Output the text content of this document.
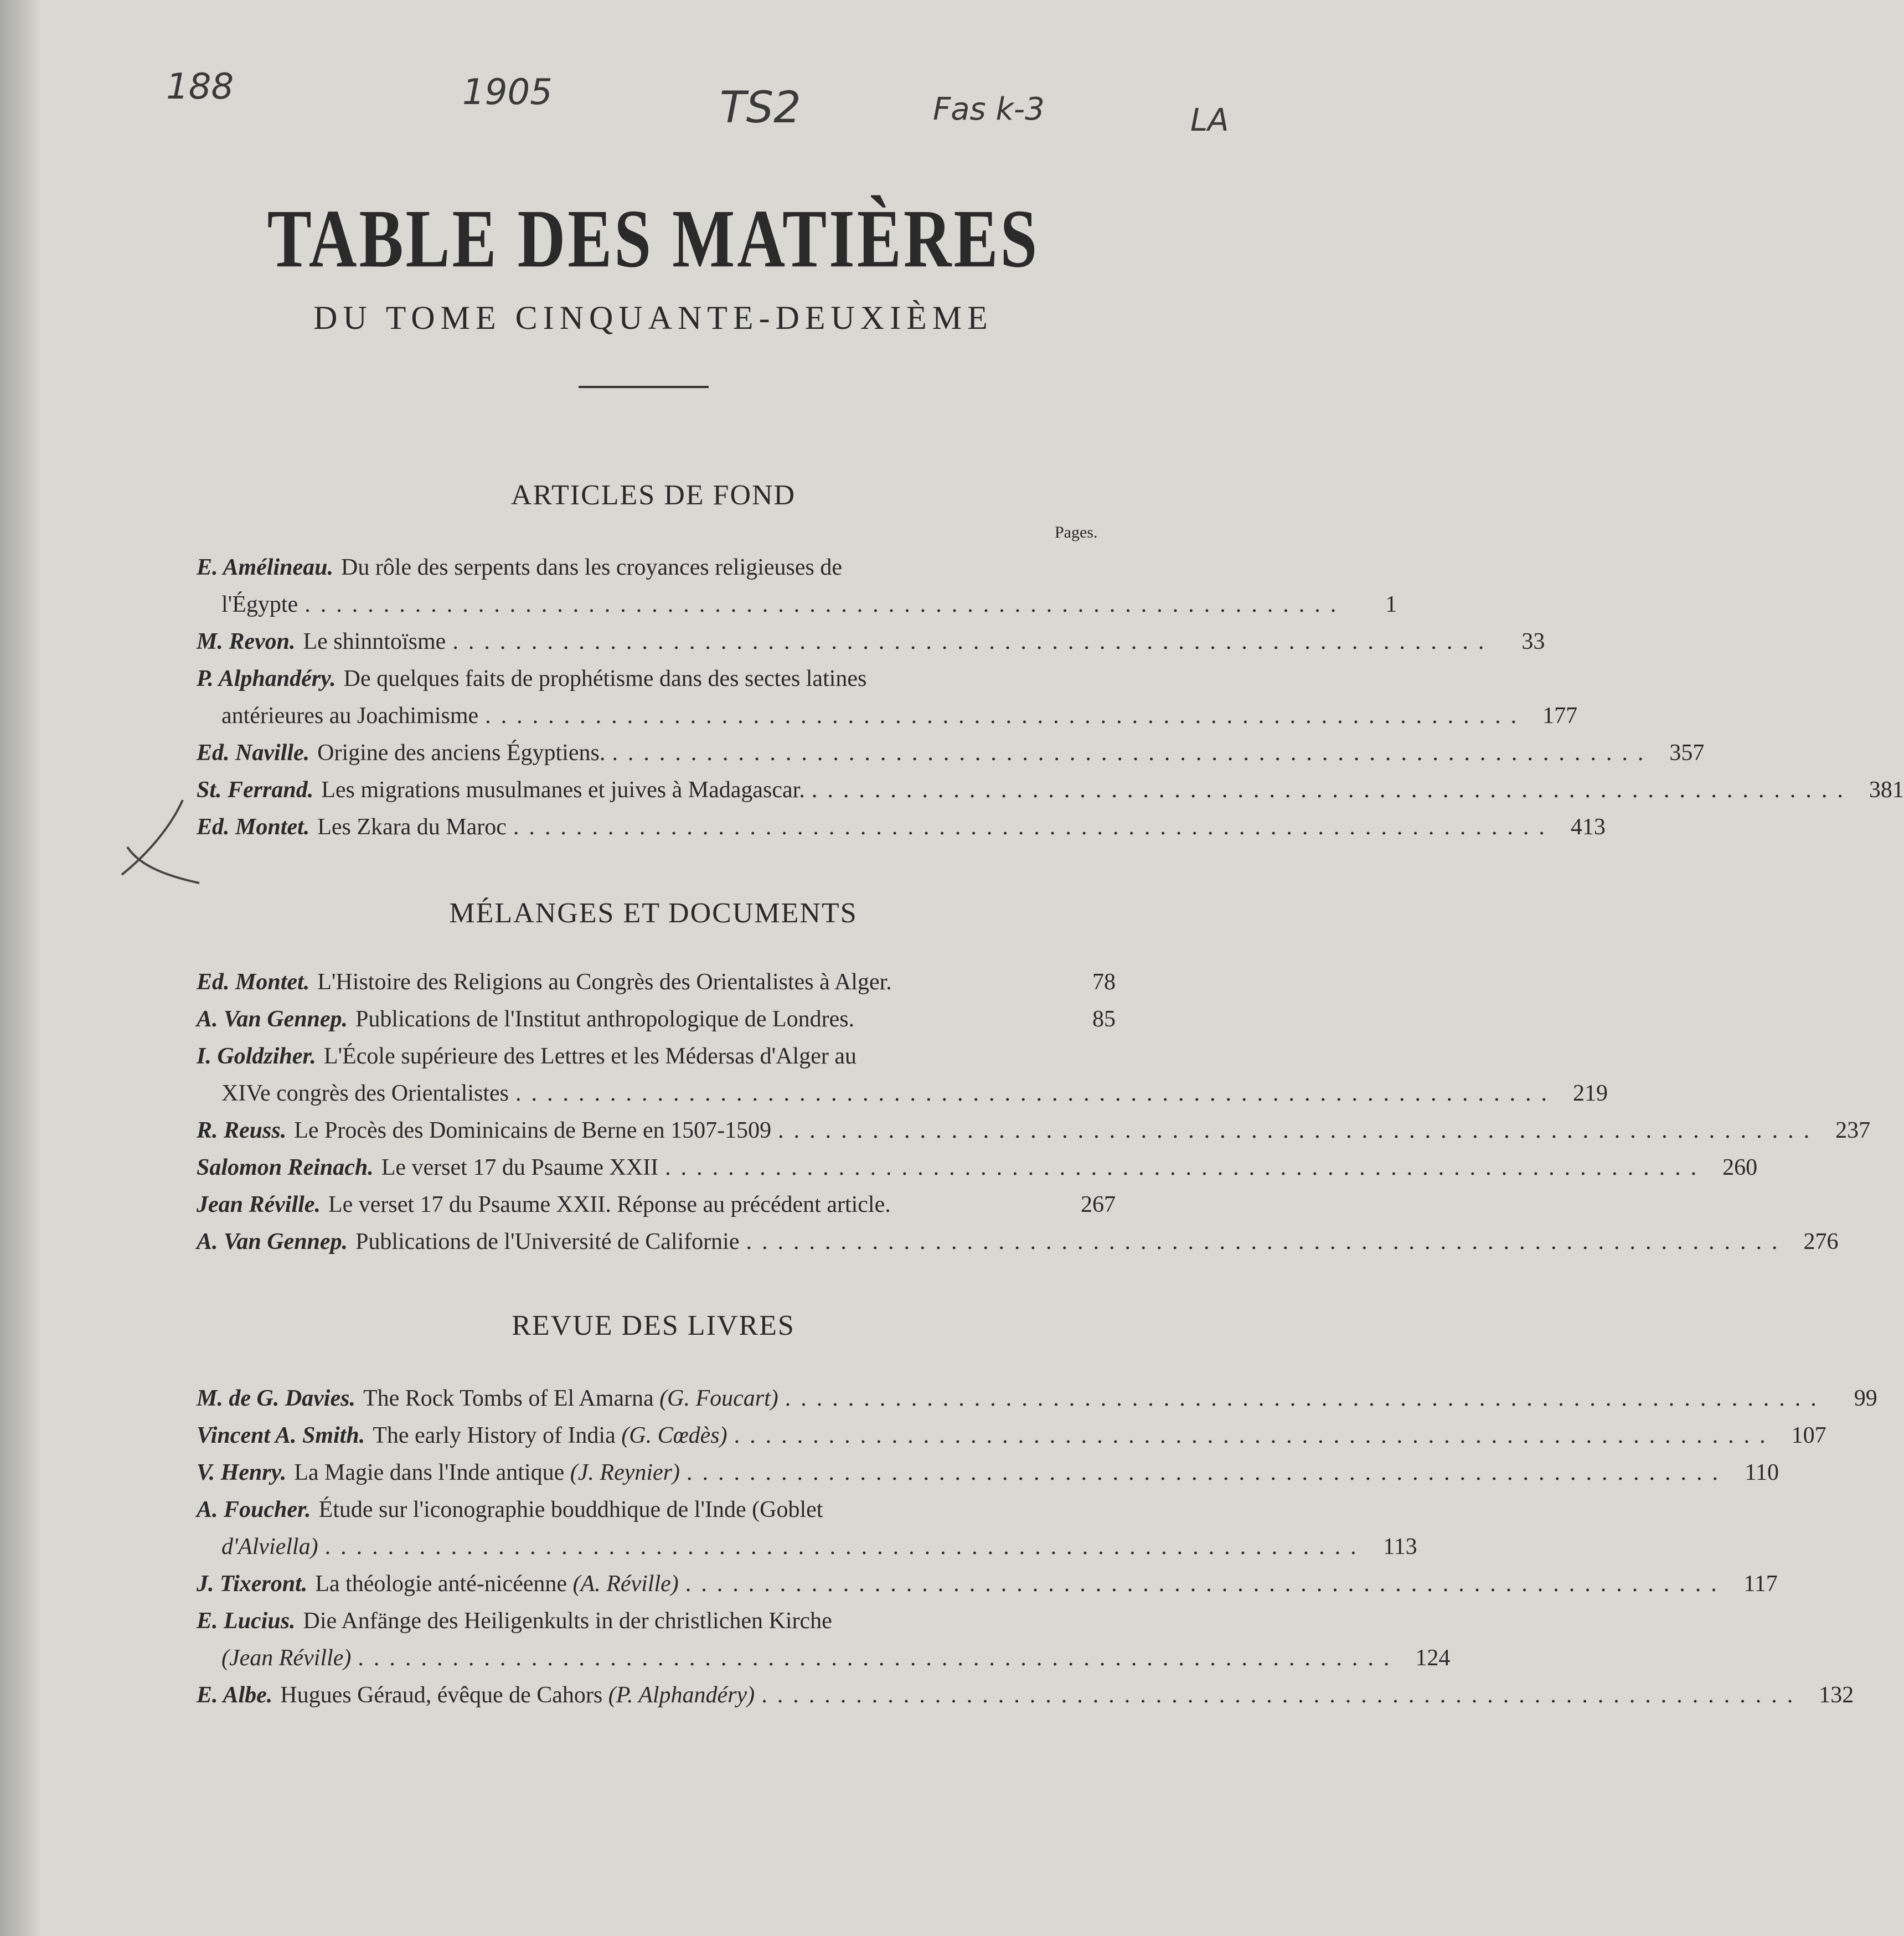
188	1905	TS2	Fas k-3	LA
TABLE DES MATIÈRES
DU TOME CINQUANTE-DEUXIÈME
ARTICLES DE FOND
Pages.
E. Amélineau. Du rôle des serpents dans les croyances religieuses de
l'Égypte ..................................................................	1
M. Revon. Le shinntoïsme ..................................................................	33
P. Alphandéry. De quelques faits de prophétisme dans des sectes latines
antérieures au Joachimisme .................................................................. 177
Ed. Naville. Origine des anciens Égyptiens. .................................................................. 357
St. Ferrand. Les migrations musulmanes et juives à Madagascar. .................................................................. 381
Ed. Montet. Les Zkara du Maroc .................................................................. 413
MÉLANGES ET DOCUMENTS
Ed. Montet. L'Histoire des Religions au Congrès des Orientalistes à Alger.	78
A. Van Gennep. Publications de l'Institut anthropologique de Londres.	85
I. Goldziher. L'École supérieure des Lettres et les Médersas d'Alger au
XIVe congrès des Orientalistes .................................................................. 219
R. Reuss. Le Procès des Dominicains de Berne en 1507-1509 .................................................................. 237
Salomon Reinach. Le verset 17 du Psaume XXII .................................................................. 260
Jean Réville. Le verset 17 du Psaume XXII. Réponse au précédent article.	267
A. Van Gennep. Publications de l'Université de Californie .................................................................. 276
REVUE DES LIVRES
M. de G. Davies. The Rock Tombs of El Amarna
(G. Foucart) ..................................................................	99
Vincent A. Smith. The early History of India
(G. Cœdès) .................................................................. 107
V. Henry. La Magie dans l'Inde antique
(J. Reynier) .................................................................. 110
A. Foucher. Étude sur l'iconographie bouddhique de l'Inde (Goblet
d'Alviella) .................................................................. 113
J. Tixeront. La théologie anté-nicéenne
(A. Réville) .................................................................. 117
E. Lucius. Die Anfänge des Heiligenkults in der christlichen Kirche
(Jean Réville) .................................................................. 124
E. Albe. Hugues Géraud, évêque de Cahors
(P. Alphandéry) .................................................................. 132
